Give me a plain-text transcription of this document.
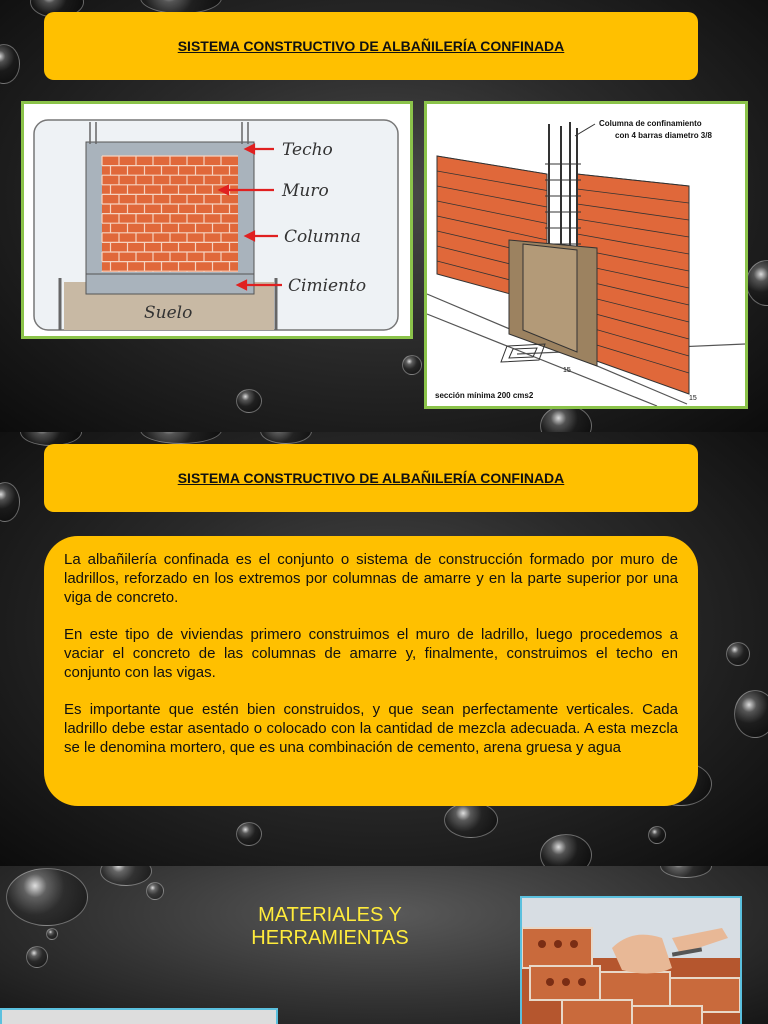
SISTEMA CONSTRUCTIVO DE ALBAÑILERÍA CONFINADA
Techo
Muro
Columna
Cimiento
Suelo
Columna de confinamiento
con 4 barras diametro 3/8
15
15
sección mínima 200 cms2
SISTEMA CONSTRUCTIVO DE ALBAÑILERÍA CONFINADA

La albañilería confinada es el conjunto o sistema de construcción formado por muro de ladrillos, reforzado en los extremos por columnas de amarre y en la parte superior por una viga de concreto.

En este tipo de viviendas primero construimos el muro de ladrillo, luego procedemos a vaciar el concreto de las columnas de amarre y, finalmente, construimos el techo en conjunto con las vigas.

Es importante que estén bien construidos, y que sean perfectamente verticales. Cada ladrillo debe estar asentado o colocado con la cantidad de mezcla adecuada. A esta mezcla se le denomina mortero, que es una combinación de cemento, arena gruesa y agua

MATERIALES Y
HERRAMIENTAS
